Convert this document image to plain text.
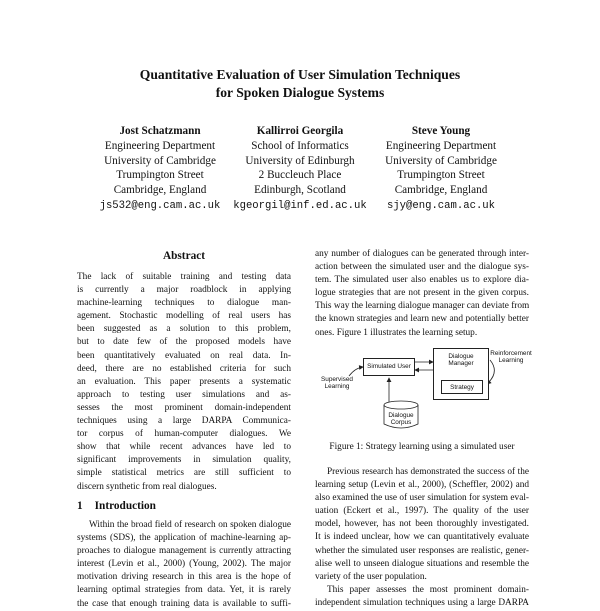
Quantitative Evaluation of User Simulation Techniques
for Spoken Dialogue Systems
Jost Schatzmann
Engineering Department
University of Cambridge
Trumpington Street
Cambridge, England
js532@eng.cam.ac.uk
Kallirroi Georgila
School of Informatics
University of Edinburgh
2 Buccleuch Place
Edinburgh, Scotland
kgeorgil@inf.ed.ac.uk
Steve Young
Engineering Department
University of Cambridge
Trumpington Street
Cambridge, England
sjy@eng.cam.ac.uk
Abstract
The lack of suitable training and testing data
is currently a major roadblock in applying
machine-learning techniques to dialogue man-
agement. Stochastic modelling of real users has
been suggested as a solution to this problem,
but to date few of the proposed models have
been quantitatively evaluated on real data. In-
deed, there are no established criteria for such
an evaluation. This paper presents a systematic
approach to testing user simulations and as-
sesses the most prominent domain-independent
techniques using a large DARPA Communica-
tor corpus of human-computer dialogues. We
show that while recent advances have led to
significant improvements in simulation quality,
simple statistical metrics are still sufficient to
discern synthetic from real dialogues.
1 Introduction
Within the broad field of research on spoken dialogue
systems (SDS), the application of machine-learning ap-
proaches to dialogue management is currently attracting
interest (Levin et al., 2000) (Young, 2002). The major
motivation driving research in this area is the hope of
learning optimal strategies from data. Yet, it is rarely
the case that enough training data is available to suffi-
any number of dialogues can be generated through inter-
action between the simulated user and the dialogue sys-
tem. The simulated user also enables us to explore dia-
logue strategies that are not present in the given corpus.
This way the learning dialogue manager can deviate from
the known strategies and learn new and potentially better
ones. Figure 1 illustrates the learning setup.
Simulated User
Dialogue
Manager
Strategy
Reinforcement
Learning
Supervised
Learning
Dialogue
Corpus
Figure 1: Strategy learning using a simulated user
Previous research has demonstrated the success of the
learning setup (Levin et al., 2000), (Scheffler, 2002) and
also examined the use of user simulation for system eval-
uation (Eckert et al., 1997). The quality of the user
model, however, has not been thoroughly investigated.
It is indeed unclear, how we can quantitatively evaluate
whether the simulated user responses are realistic, gener-
alise well to unseen dialogue situations and resemble the
variety of the user population.
This paper assesses the most prominent domain-
independent simulation techniques using a large DARPA
